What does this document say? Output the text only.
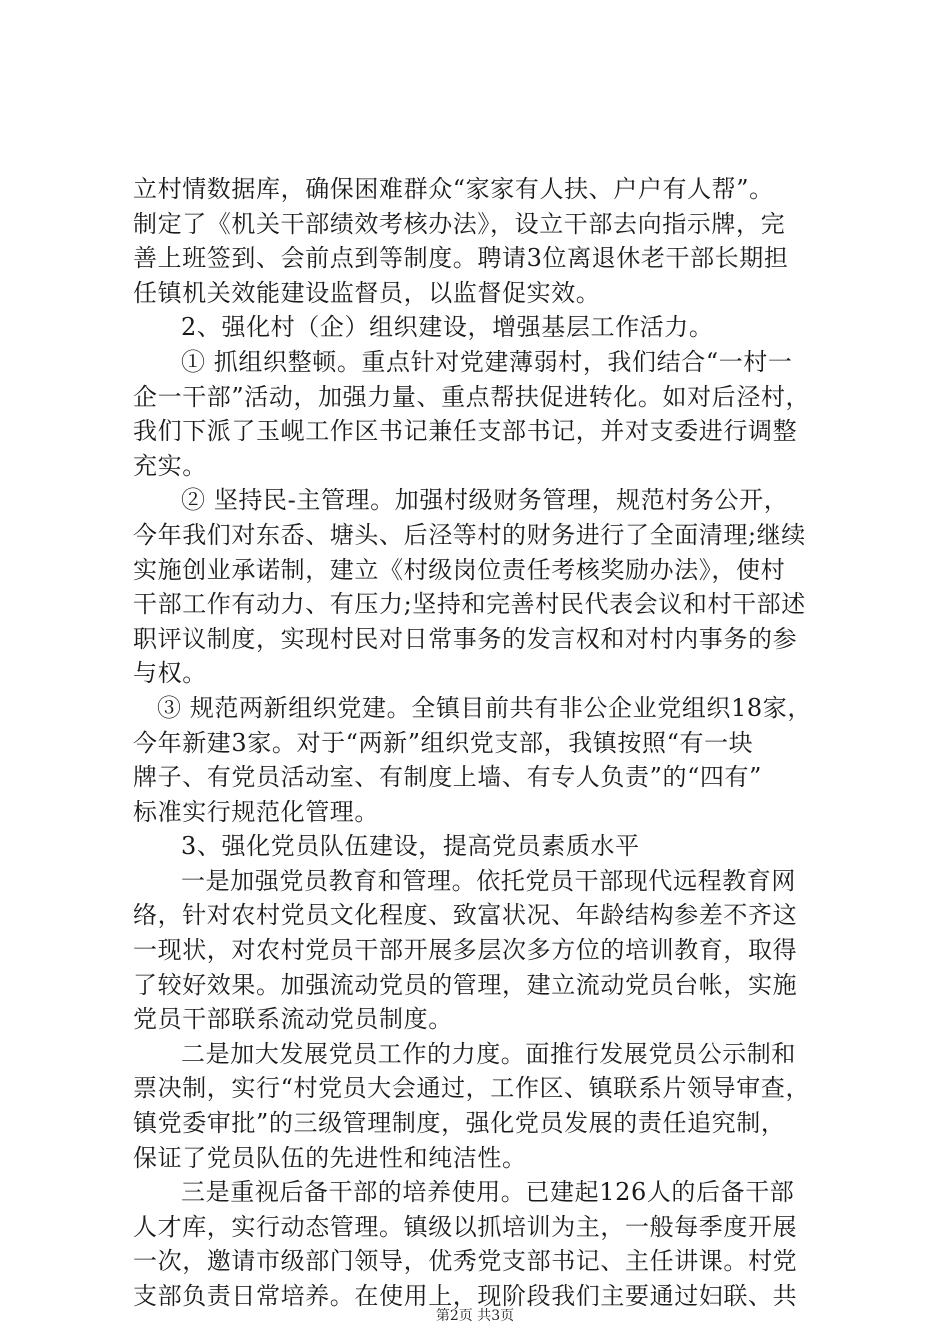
立村情数据库，确保困难群众“家家有人扶、户户有人帮”。
制定了《机关干部绩效考核办法》，设立干部去向指示牌，完
善上班签到、会前点到等制度。聘请3位离退休老干部长期担
任镇机关效能建设监督员，以监督促实效。
2、强化村（企）组织建设，增强基层工作活力。
① 抓组织整顿。重点针对党建薄弱村，我们结合“一村一
企一干部”活动，加强力量、重点帮扶促进转化。如对后泾村，
我们下派了玉岘工作区书记兼任支部书记，并对支委进行调整
充实。
② 坚持民-主管理。加强村级财务管理，规范村务公开，
今年我们对东岙、塘头、后泾等村的财务进行了全面清理;继续
实施创业承诺制，建立《村级岗位责任考核奖励办法》，使村
干部工作有动力、有压力;坚持和完善村民代表会议和村干部述
职评议制度，实现村民对日常事务的发言权和对村内事务的参
与权。
③ 规范两新组织党建。全镇目前共有非公企业党组织18家，
今年新建3家。对于“两新”组织党支部，我镇按照“有一块
牌子、有党员活动室、有制度上墙、有专人负责”的“四有”
标准实行规范化管理。
3、强化党员队伍建设，提高党员素质水平
一是加强党员教育和管理。依托党员干部现代远程教育网
络，针对农村党员文化程度、致富状况、年龄结构参差不齐这
一现状，对农村党员干部开展多层次多方位的培训教育，取得
了较好效果。加强流动党员的管理，建立流动党员台帐，实施
党员干部联系流动党员制度。
二是加大发展党员工作的力度。面推行发展党员公示制和
票决制，实行“村党员大会通过，工作区、镇联系片领导审查，
镇党委审批”的三级管理制度，强化党员发展的责任追究制，
保证了党员队伍的先进性和纯洁性。
三是重视后备干部的培养使用。已建起126人的后备干部
人才库，实行动态管理。镇级以抓培训为主，一般每季度开展
一次，邀请市级部门领导，优秀党支部书记、主任讲课。村党
支部负责日常培养。在使用上，现阶段我们主要通过妇联、共
第2页 共3页
